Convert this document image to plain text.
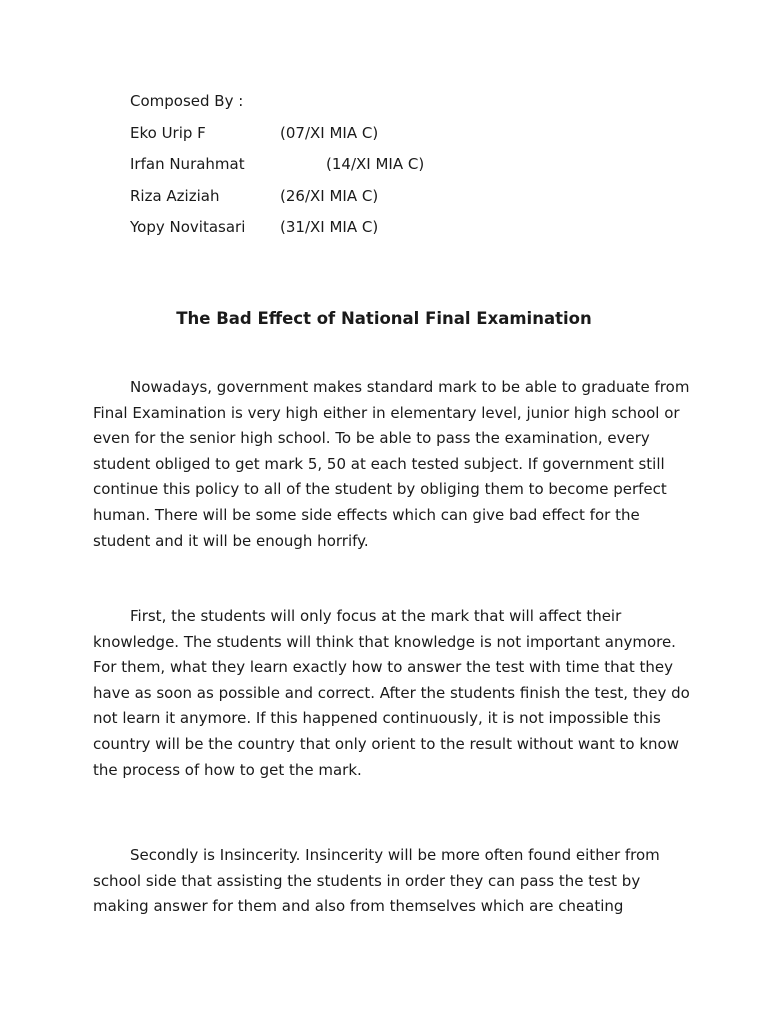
Composed By :
Eko Urip F	(07/XI MIA C)
Irfan Nurahmat	(14/XI MIA C)
Riza Aziziah	(26/XI MIA C)
Yopy Novitasari (31/XI MIA C)
The Bad Effect of National Final Examination

Nowadays, government makes standard mark to be able to graduate from Final Examination is very high either in elementary level, junior high school or even for the senior high school. To be able to pass the examination, every student obliged to get mark 5, 50 at each tested subject. If government still continue this policy to all of the student by obliging them to become perfect human. There will be some side effects which can give bad effect for the student and it will be enough horrify.

First, the students will only focus at the mark that will affect their knowledge. The students will think that knowledge is not important anymore. For them, what they learn exactly how to answer the test with time that they have as soon as possible and correct. After the students finish the test, they do not learn it anymore. If this happened continuously, it is not impossible this country will be the country that only orient to the result without want to know the process of how to get the mark.

Secondly is Insincerity. Insincerity will be more often found either from school side that assisting the students in order they can pass the test by making answer for them and also from themselves which are cheating
